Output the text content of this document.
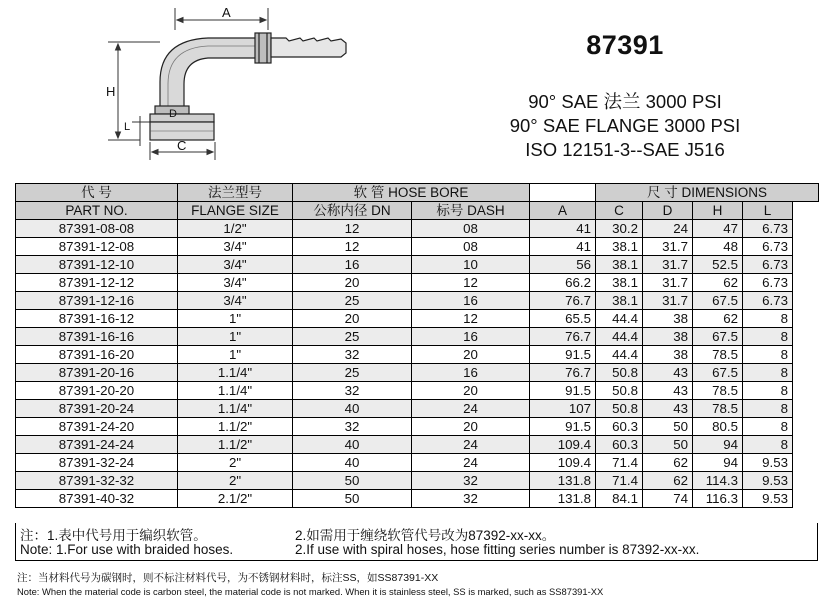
A
H
D
L
C
87391
90° SAE 法兰 3000 PSI
90° SAE FLANGE 3000 PSI
ISO 12151-3--SAE J516
代 号	法兰型号	软 管 HOSE BORE			尺 寸 DIMENSIONS			
PART NO.	FLANGE SIZE	公称内径 DN	标号 DASH	A	C	D	H	L
87391-08-08	1/2"	12	08	41	30.2	24	47	6.73
87391-12-08	3/4"	12	08	41	38.1	31.7	48	6.73
87391-12-10	3/4"	16	10	56	38.1	31.7	52.5	6.73
87391-12-12	3/4"	20	12	66.2	38.1	31.7	62	6.73
87391-12-16	3/4"	25	16	76.7	38.1	31.7	67.5	6.73
87391-16-12	1"	20	12	65.5	44.4	38	62	8
87391-16-16	1"	25	16	76.7	44.4	38	67.5	8
87391-16-20	1"	32	20	91.5	44.4	38	78.5	8
87391-20-16	1.1/4"	25	16	76.7	50.8	43	67.5	8
87391-20-20	1.1/4"	32	20	91.5	50.8	43	78.5	8
87391-20-24	1.1/4"	40	24	107	50.8	43	78.5	8
87391-24-20	1.1/2"	32	20	91.5	60.3	50	80.5	8
87391-24-24	1.1/2"	40	24	109.4	60.3	50	94	8
87391-32-24	2"	40	24	109.4	71.4	62	94	9.53
87391-32-32	2"	50	32	131.8	71.4	62	114.3	9.53
87391-40-32	2.1/2"	50	32	131.8	84.1	74	116.3	9.53
注：1.表中代号用于编织软管。	2.如需用于缠绕软管代号改为87392-xx-xx。
Note: 1.For use with braided hoses.	2.If use with spiral hoses, hose fitting series number is 87392-xx-xx.
注：当材料代号为碳钢时，则不标注材料代号，为不锈钢材料时，标注SS，如SS87391-XX
Note: When the material code is carbon steel, the material code is not marked. When it is stainless steel, SS is marked, such as SS87391-XX
